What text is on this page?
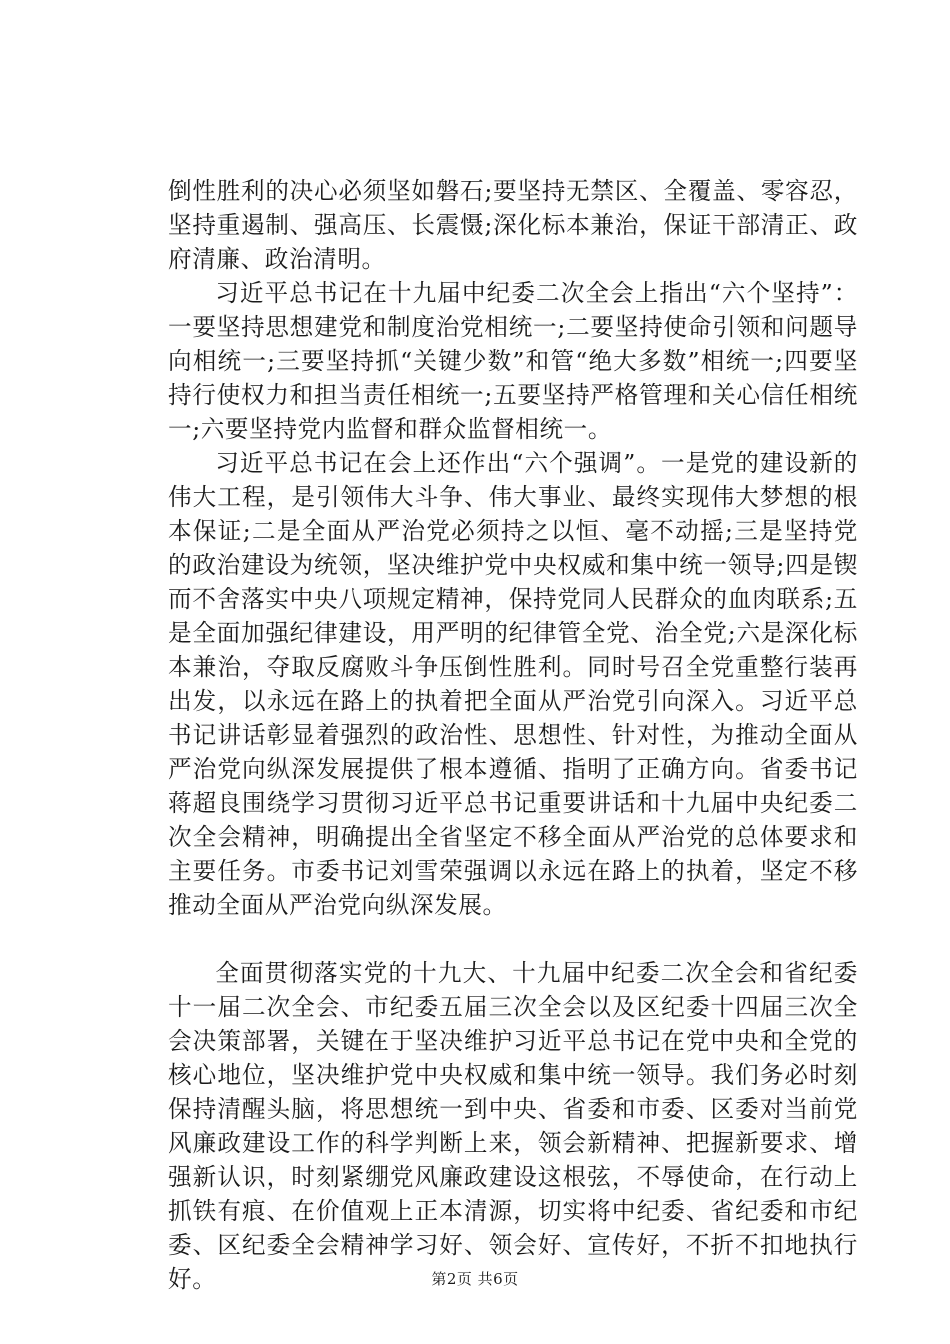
倒性胜利的决心必须坚如磐石;要坚持无禁区、全覆盖、零容忍，坚持重遏制、强高压、长震慑;深化标本兼治，保证干部清正、政府清廉、政治清明。

习近平总书记在十九届中纪委二次全会上指出“六个坚持”：一要坚持思想建党和制度治党相统一;二要坚持使命引领和问题导向相统一;三要坚持抓“关键少数”和管“绝大多数”相统一;四要坚持行使权力和担当责任相统一;五要坚持严格管理和关心信任相统一;六要坚持党内监督和群众监督相统一。

习近平总书记在会上还作出“六个强调”。一是党的建设新的伟大工程，是引领伟大斗争、伟大事业、最终实现伟大梦想的根本保证;二是全面从严治党必须持之以恒、毫不动摇;三是坚持党的政治建设为统领，坚决维护党中央权威和集中统一领导;四是锲而不舍落实中央八项规定精神，保持党同人民群众的血肉联系;五是全面加强纪律建设，用严明的纪律管全党、治全党;六是深化标本兼治，夺取反腐败斗争压倒性胜利。同时号召全党重整行装再出发，以永远在路上的执着把全面从严治党引向深入。习近平总书记讲话彰显着强烈的政治性、思想性、针对性，为推动全面从严治党向纵深发展提供了根本遵循、指明了正确方向。省委书记蒋超良围绕学习贯彻习近平总书记重要讲话和十九届中央纪委二次全会精神，明确提出全省坚定不移全面从严治党的总体要求和主要任务。市委书记刘雪荣强调以永远在路上的执着，坚定不移推动全面从严治党向纵深发展。

全面贯彻落实党的十九大、十九届中纪委二次全会和省纪委十一届二次全会、市纪委五届三次全会以及区纪委十四届三次全会决策部署，关键在于坚决维护习近平总书记在党中央和全党的核心地位，坚决维护党中央权威和集中统一领导。我们务必时刻保持清醒头脑，将思想统一到中央、省委和市委、区委对当前党风廉政建设工作的科学判断上来，领会新精神、把握新要求、增强新认识，时刻紧绷党风廉政建设这根弦，不辱使命，在行动上抓铁有痕、在价值观上正本清源，切实将中纪委、省纪委和市纪委、区纪委全会精神学习好、领会好、宣传好，不折不扣地执行好。	第2页 共6页
